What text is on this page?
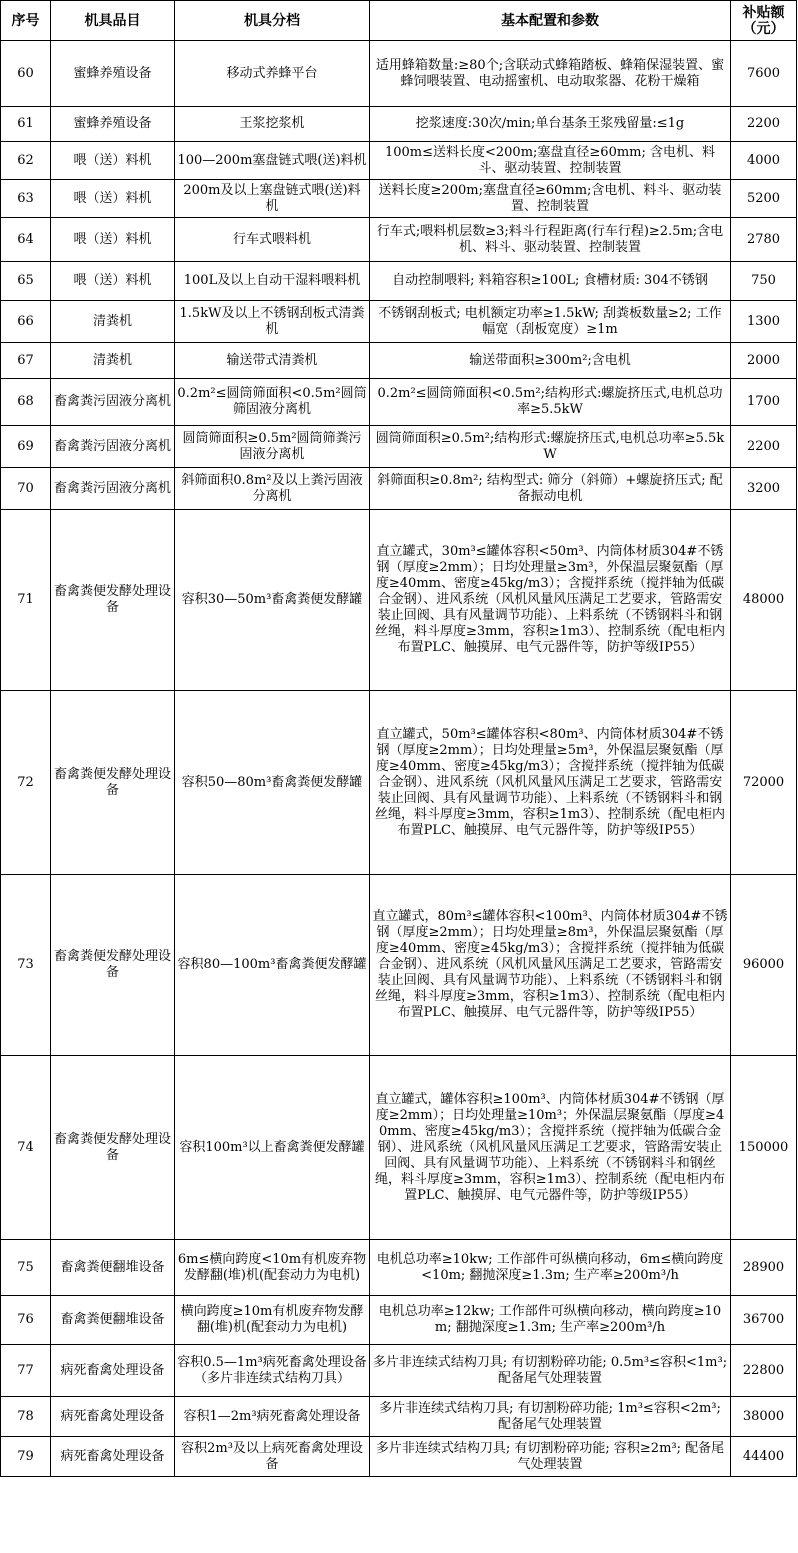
序号	机具品目	机具分档	基本配置和参数	补贴额（元）
60	蜜蜂养殖设备	移动式养蜂平台	适用蜂箱数量:≥80个;含联动式蜂箱踏板、蜂箱保湿装置、蜜蜂饲喂装置、电动摇蜜机、电动取浆器、花粉干燥箱	7600
61	蜜蜂养殖设备	王浆挖浆机	挖浆速度:30次/min;单台基条王浆残留量:≤1g	2200
62	喂（送）料机	100—200m塞盘链式喂(送)料机	100m≤送料长度<200m;塞盘直径≥60mm; 含电机、料斗、驱动装置、控制装置	4000
63	喂（送）料机	200m及以上塞盘链式喂(送)料机	送料长度≥200m;塞盘直径≥60mm;含电机、料斗、驱动装置、控制装置	5200
64	喂（送）料机	行车式喂料机	行车式;喂料机层数≥3;料斗行程距离(行车行程)≥2.5m;含电机、料斗、驱动装置、控制装置	2780
65	喂（送）料机	100L及以上自动干湿料喂料机	自动控制喂料; 料箱容积≥100L; 食槽材质: 304不锈钢	750
66	清粪机	1.5kW及以上不锈钢刮板式清粪机	不锈钢刮板式; 电机额定功率≥1.5kW; 刮粪板数量≥2; 工作幅宽（刮板宽度）≥1m	1300
67	清粪机	输送带式清粪机	输送带面积≥300m²;含电机	2000
68	畜禽粪污固液分离机	0.2m²≤圆筒筛面积<0.5m²圆筒筛固液分离机	0.2m²≤圆筒筛面积<0.5m²;结构形式:螺旋挤压式,电机总功率≥5.5kW	1700
69	畜禽粪污固液分离机	圆筒筛面积≥0.5m²圆筒筛粪污固液分离机	圆筒筛面积≥0.5m²;结构形式:螺旋挤压式,电机总功率≥5.5kW	2200
70	畜禽粪污固液分离机	斜筛面积0.8m²及以上粪污固液分离机	斜筛面积≥0.8m²; 结构型式: 筛分（斜筛）+螺旋挤压式; 配备振动电机	3200
71	畜禽粪便发酵处理设备	容积30—50m³畜禽粪便发酵罐	直立罐式，30m³≤罐体容积<50m³、内筒体材质304#不锈钢（厚度≥2mm）；日均处理量≥3m³，外保温层聚氨酯（厚度≥40mm、密度≥45kg/m3）；含搅拌系统（搅拌轴为低碳合金钢）、进风系统（风机风量风压满足工艺要求，管路需安装止回阀、具有风量调节功能）、上料系统（不锈钢料斗和钢丝绳，料斗厚度≥3mm，容积≥1m3）、控制系统（配电柜内布置PLC、触摸屏、电气元器件等，防护等级IP55）	48000
72	畜禽粪便发酵处理设备	容积50—80m³畜禽粪便发酵罐	直立罐式，50m³≤罐体容积<80m³、内筒体材质304#不锈钢（厚度≥2mm）；日均处理量≥5m³，外保温层聚氨酯（厚度≥40mm、密度≥45kg/m3）；含搅拌系统（搅拌轴为低碳合金钢）、进风系统（风机风量风压满足工艺要求，管路需安装止回阀、具有风量调节功能）、上料系统（不锈钢料斗和钢丝绳，料斗厚度≥3mm，容积≥1m3）、控制系统（配电柜内布置PLC、触摸屏、电气元器件等，防护等级IP55）	72000
73	畜禽粪便发酵处理设备	容积80—100m³畜禽粪便发酵罐	直立罐式，80m³≤罐体容积<100m³、内筒体材质304#不锈钢（厚度≥2mm）；日均处理量≥8m³，外保温层聚氨酯（厚度≥40mm、密度≥45kg/m3）；含搅拌系统（搅拌轴为低碳合金钢）、进风系统（风机风量风压满足工艺要求，管路需安装止回阀、具有风量调节功能）、上料系统（不锈钢料斗和钢丝绳，料斗厚度≥3mm，容积≥1m3）、控制系统（配电柜内布置PLC、触摸屏、电气元器件等，防护等级IP55）	96000
74	畜禽粪便发酵处理设备	容积100m³以上畜禽粪便发酵罐	直立罐式，罐体容积≥100m³、内筒体材质304#不锈钢（厚度≥2mm）；日均处理量≥10m³；外保温层聚氨酯（厚度≥40mm、密度≥45kg/m3）；含搅拌系统（搅拌轴为低碳合金钢）、进风系统（风机风量风压满足工艺要求，管路需安装止回阀、具有风量调节功能）、上料系统（不锈钢料斗和钢丝绳，料斗厚度≥3mm，容积≥1m3）、控制系统（配电柜内布置PLC、触摸屏、电气元器件等，防护等级IP55）	150000
75	畜禽粪便翻堆设备	6m≤横向跨度<10m有机废弃物发酵翻(堆)机(配套动力为电机)	电机总功率≥10kw; 工作部件可纵横向移动，6m≤横向跨度<10m; 翻抛深度≥1.3m; 生产率≥200m³/h	28900
76	畜禽粪便翻堆设备	横向跨度≥10m有机废弃物发酵翻(堆)机(配套动力为电机)	电机总功率≥12kw; 工作部件可纵横向移动，横向跨度≥10m; 翻抛深度≥1.3m; 生产率≥200m³/h	36700
77	病死畜禽处理设备	容积0.5—1m³病死畜禽处理设备（多片非连续式结构刀具）	多片非连续式结构刀具; 有切割粉碎功能; 0.5m³≤容积<1m³; 配备尾气处理装置	22800
78	病死畜禽处理设备	容积1—2m³病死畜禽处理设备	多片非连续式结构刀具; 有切割粉碎功能; 1m³≤容积<2m³; 配备尾气处理装置	38000
79	病死畜禽处理设备	容积2m³及以上病死畜禽处理设备	多片非连续式结构刀具; 有切割粉碎功能; 容积≥2m³; 配备尾气处理装置	44400
